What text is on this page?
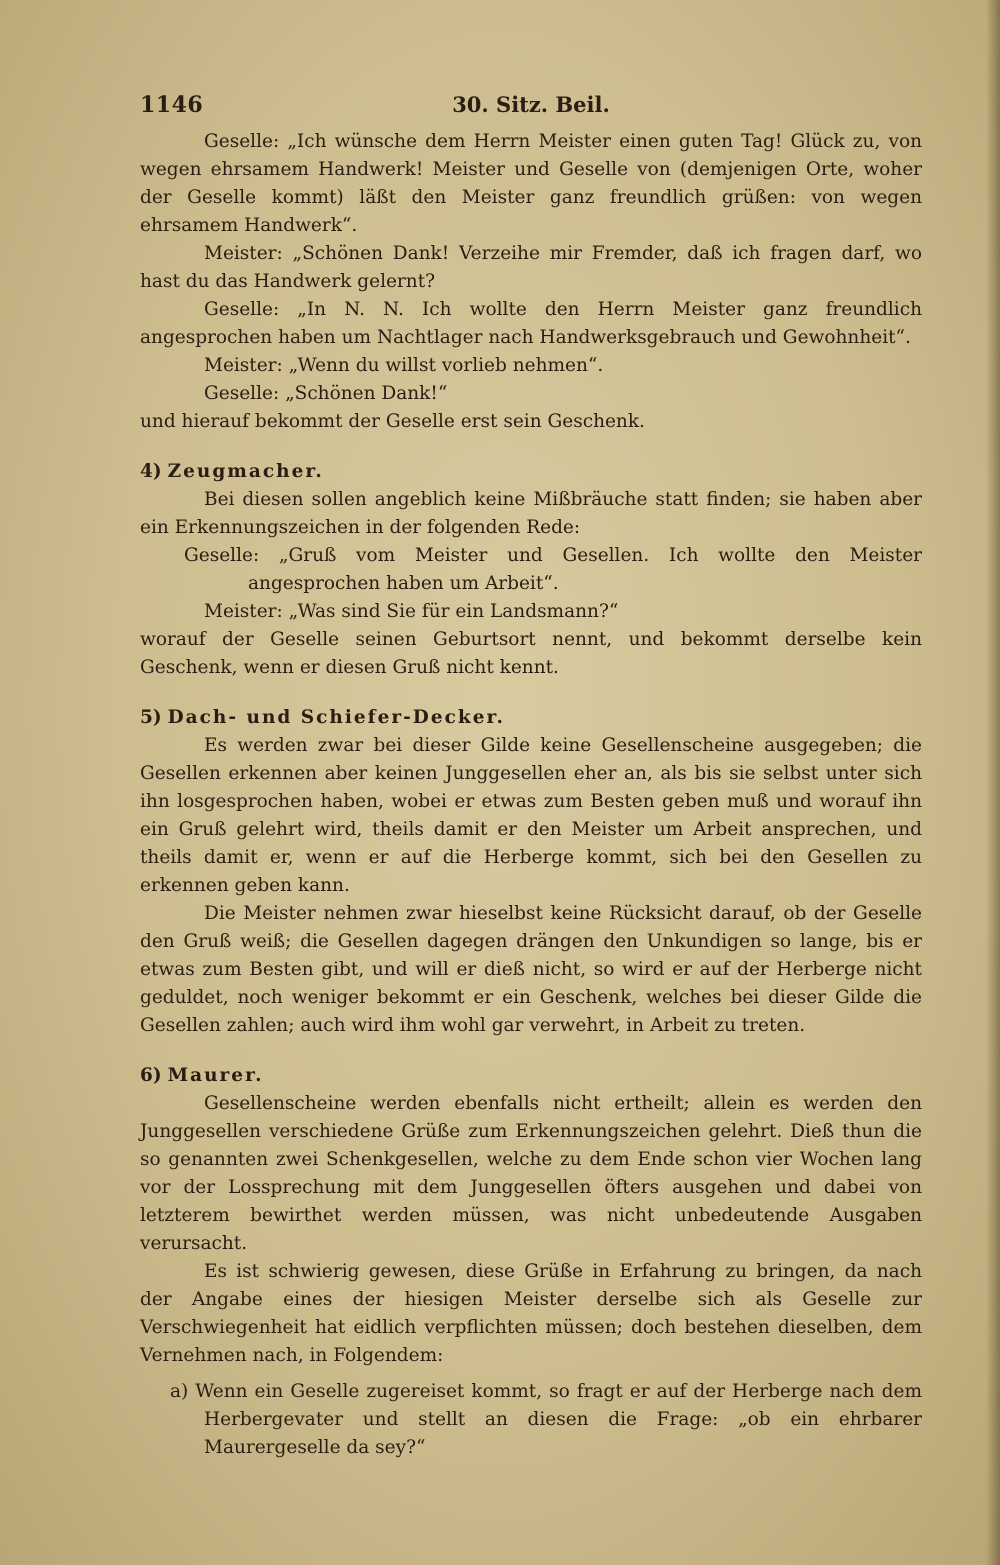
1146	30. Sitz. Beil.

Geselle: „Ich wünsche dem Herrn Meister einen guten Tag! Glück zu, von wegen ehrsamem Handwerk! Meister und Geselle von (demjenigen Orte, woher der Geselle kommt) läßt den Meister ganz freundlich grüßen: von wegen ehrsamem Handwerk“.

Meister: „Schönen Dank! Verzeihe mir Fremder, daß ich fragen darf, wo hast du das Handwerk gelernt?

Geselle: „In N. N. Ich wollte den Herrn Meister ganz freundlich angesprochen haben um Nachtlager nach Handwerksgebrauch und Gewohnheit“.

Meister: „Wenn du willst vorlieb nehmen“.

Geselle: „Schönen Dank!“

und hierauf bekommt der Geselle erst sein Geschenk.

4) Zeugmacher.

Bei diesen sollen angeblich keine Mißbräuche statt finden; sie haben aber ein Erkennungszeichen in der folgenden Rede:

Geselle: „Gruß vom Meister und Gesellen. Ich wollte den Meister angesprochen haben um Arbeit“.

Meister: „Was sind Sie für ein Landsmann?“

worauf der Geselle seinen Geburtsort nennt, und bekommt derselbe kein Geschenk, wenn er diesen Gruß nicht kennt.

5) Dach- und Schiefer-Decker.

Es werden zwar bei dieser Gilde keine Gesellenscheine ausgegeben; die Gesellen erkennen aber keinen Junggesellen eher an, als bis sie selbst unter sich ihn losgesprochen haben, wobei er etwas zum Besten geben muß und worauf ihn ein Gruß gelehrt wird, theils damit er den Meister um Arbeit ansprechen, und theils damit er, wenn er auf die Herberge kommt, sich bei den Gesellen zu erkennen geben kann.

Die Meister nehmen zwar hieselbst keine Rücksicht darauf, ob der Geselle den Gruß weiß; die Gesellen dagegen drängen den Unkundigen so lange, bis er etwas zum Besten gibt, und will er dieß nicht, so wird er auf der Herberge nicht geduldet, noch weniger bekommt er ein Geschenk, welches bei dieser Gilde die Gesellen zahlen; auch wird ihm wohl gar verwehrt, in Arbeit zu treten.

6) Maurer.

Gesellenscheine werden ebenfalls nicht ertheilt; allein es werden den Junggesellen verschiedene Grüße zum Erkennungszeichen gelehrt. Dieß thun die so genannten zwei Schenkgesellen, welche zu dem Ende schon vier Wochen lang vor der Lossprechung mit dem Junggesellen öfters ausgehen und dabei von letzterem bewirthet werden müssen, was nicht unbedeutende Ausgaben verursacht.

Es ist schwierig gewesen, diese Grüße in Erfahrung zu bringen, da nach der Angabe eines der hiesigen Meister derselbe sich als Geselle zur Verschwiegenheit hat eidlich verpflichten müssen; doch bestehen dieselben, dem Vernehmen nach, in Folgendem:

a) Wenn ein Geselle zugereiset kommt, so fragt er auf der Herberge nach dem Herbergevater und stellt an diesen die Frage: „ob ein ehrbarer Maurergeselle da sey?“
